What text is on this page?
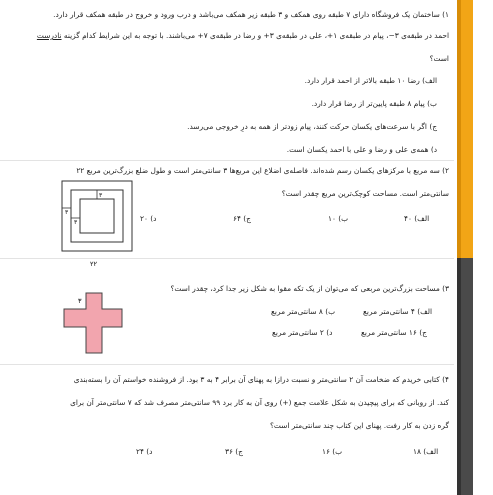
۱) ساختمان یک فروشگاه دارای ۷ طبقه روی همکف و ۳ طبقه زیر همکف می‌باشد و درب ورود و خروج در طبقه همکف قرار دارد.
احمد در طبقه‌ی ۳−، پیام در طبقه‌ی ۱+، علی در طبقه‌ی ۳+ و رضا در طبقه‌ی ۷+ می‌باشند. با توجه به این شرایط کدام گزینه نادرست
است؟
الف) رضا ۱۰ طبقه بالاتر از احمد قرار دارد.
ب) پیام ۸ طبقه پایین‌تر از رضا قرار دارد.
ج) اگر با سرعت‌های یکسان حرکت کنند، پیام زودتر از همه به درِ خروجی می‌رسد.
د) همه‌ی علی و رضا و علی با احمد یکسان است.
۲) سه مربع با مرکزهای یکسان رسم شده‌اند. فاصله‌ی اضلاع این مربع‌ها ۳ سانتی‌متر است و طول ضلع بزرگ‌ترین مربع ۲۲
سانتی‌متر است. مساحت کوچک‌ترین مربع چقدر است؟
۳
۳
۳
۲۲
الف) ۴۰
ب) ۱۰
ج) ۶۴
د) ۲۰
۳) مساحت بزرگ‌ترین مربعی که می‌توان از یک تکه مقوا به شکل زیر جدا کرد، چقدر است؟
۳
الف) ۴ سانتی‌متر مربع
ب) ۸ سانتی‌متر مربع
ج) ۱۶ سانتی‌متر مربع
د) ۲ سانتی‌متر مربع
۴) کتابی خریدم که ضخامت آن ۲ سانتی‌متر و نسبت درازا به پهنای آن برابر ۴ به ۳ بود. از فروشنده خواستم آن را بسته‌بندی
کند. از روبانی که برای پیچیدن به شکل علامت جمع (+) روی آن به کار برد ۹۹ سانتی‌متر مصرف شد که ۷ سانتی‌متر آن برای
گره زدن به کار رفت. پهنای این کتاب چند سانتی‌متر است؟
الف) ۱۸
ب) ۱۶
ج) ۳۶
د) ۲۴
